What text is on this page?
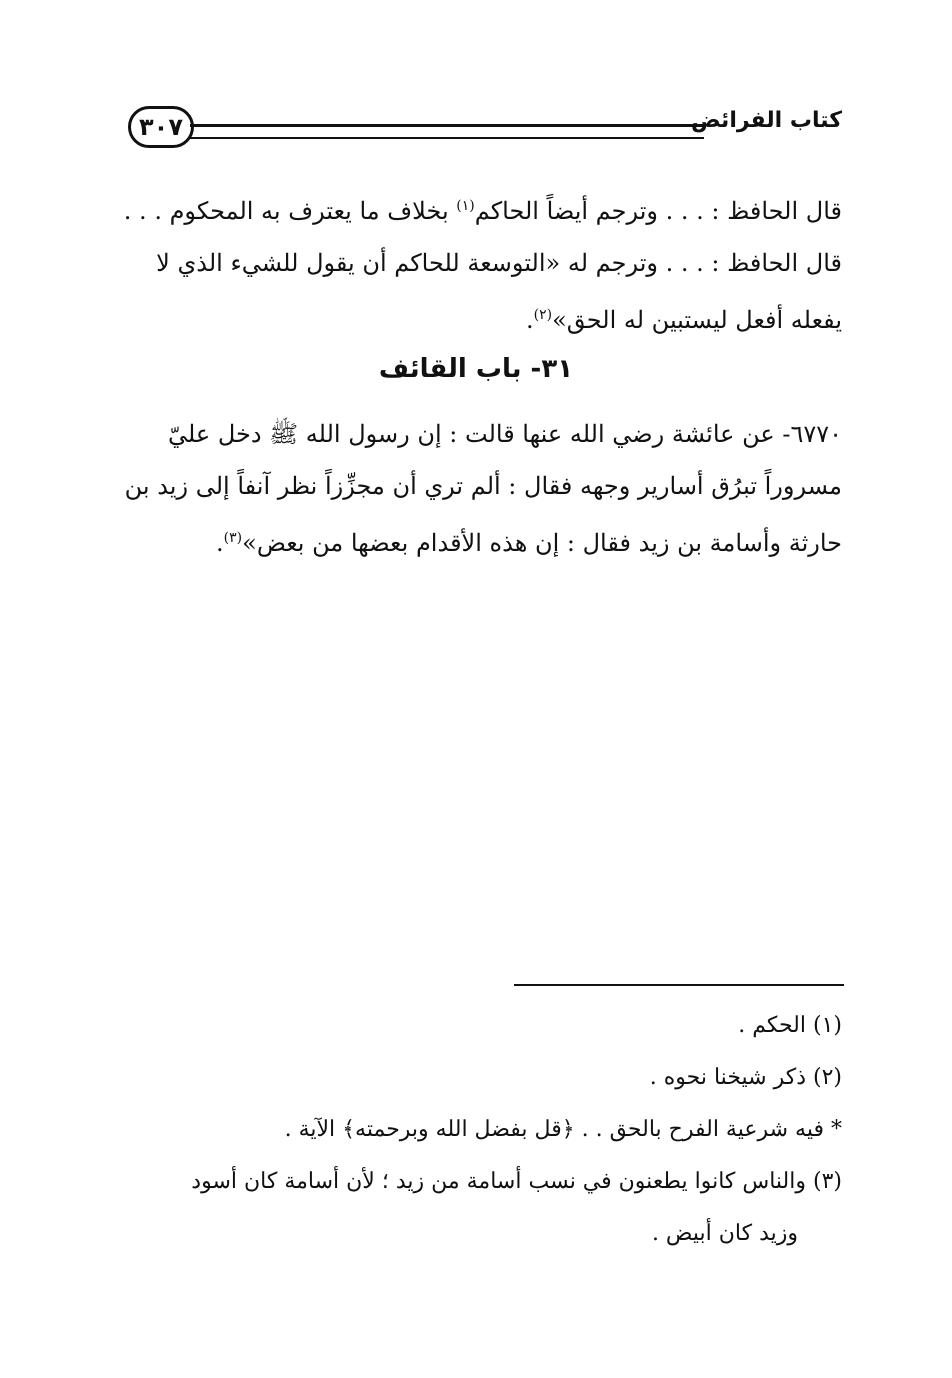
كتاب الفرائض
٣٠٧
قال الحافظ : . . . وترجم أيضاً الحاكم$^{(١)}$ بخلاف ما يعترف به المحكوم . . .
قال الحافظ : . . . وترجم له «التوسعة للحاكم أن يقول للشيء الذي لا
يفعله أفعل ليستبين له الحق»$^{(٢)}$.
٣١- باب القائف
٦٧٧٠- عن عائشة رضي الله عنها قالت : إن رسول الله ﷺ دخل عليّ
مسروراً تبرُق أسارير وجهه فقال : ألم تري أن مجزِّزاً نظر آنفاً إلى زيد بن
حارثة وأسامة بن زيد فقال : إن هذه الأقدام بعضها من بعض»$^{(٣)}$.
(١) الحكم .
(٢) ذكر شيخنا نحوه .
* فيه شرعية الفرح بالحق . . ﴿قل بفضل الله وبرحمته﴾ الآية .
(٣) والناس كانوا يطعنون في نسب أسامة من زيد ؛ لأن أسامة كان أسود
وزيد كان أبيض .
